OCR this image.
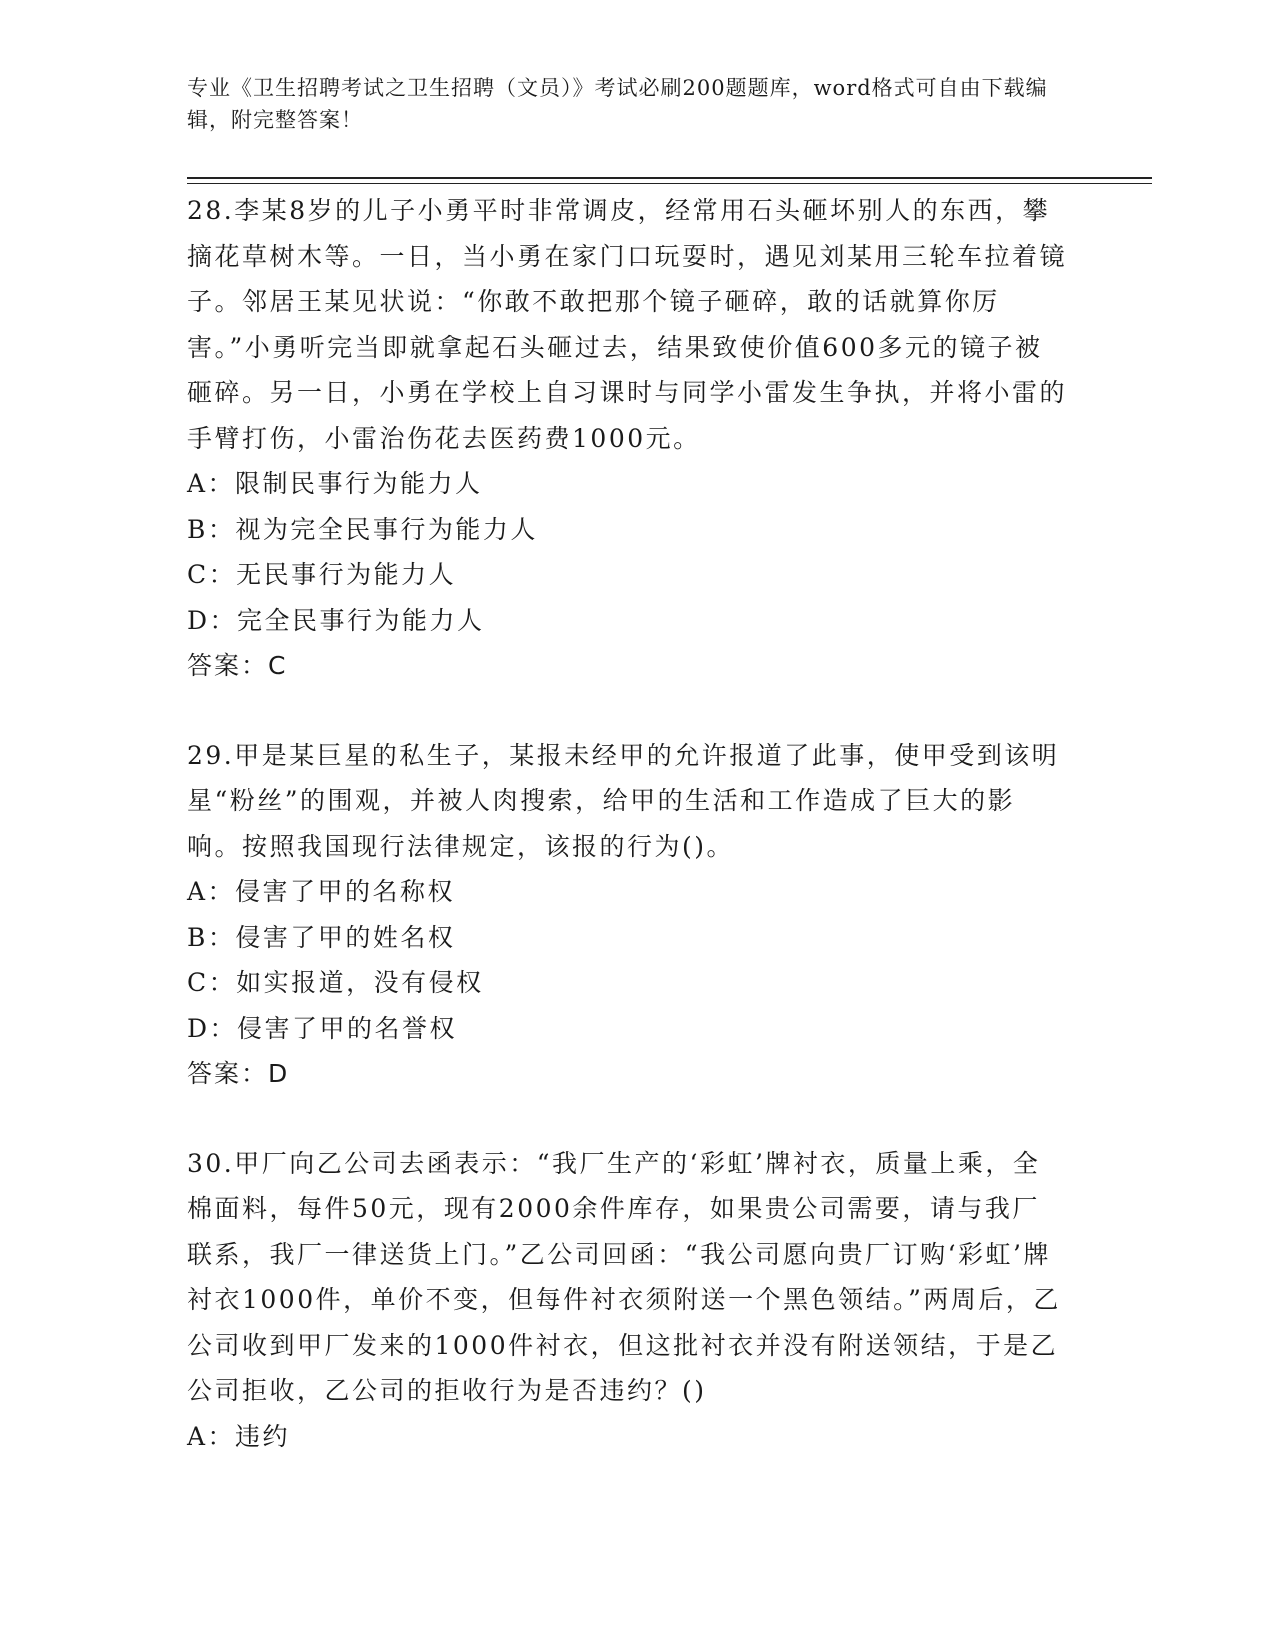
专业《卫生招聘考试之卫生招聘（文员）》考试必刷200题题库，word格式可自由下载编辑，附完整答案！

28.李某8岁的儿子小勇平时非常调皮，经常用石头砸坏别人的东西，攀摘花草树木等。一日，当小勇在家门口玩耍时，遇见刘某用三轮车拉着镜子。邻居王某见状说：“你敢不敢把那个镜子砸碎，敢的话就算你厉害。”小勇听完当即就拿起石头砸过去，结果致使价值600多元的镜子被砸碎。另一日，小勇在学校上自习课时与同学小雷发生争执，并将小雷的手臂打伤，小雷治伤花去医药费1000元。

A：限制民事行为能力人

B：视为完全民事行为能力人

C：无民事行为能力人

D：完全民事行为能力人

答案：C

29.甲是某巨星的私生子，某报未经甲的允许报道了此事，使甲受到该明星“粉丝”的围观，并被人肉搜索，给甲的生活和工作造成了巨大的影响。按照我国现行法律规定，该报的行为()。

A：侵害了甲的名称权

B：侵害了甲的姓名权

C：如实报道，没有侵权

D：侵害了甲的名誉权

答案：D

30.甲厂向乙公司去函表示：“我厂生产的‘彩虹’牌衬衣，质量上乘，全棉面料，每件50元，现有2000余件库存，如果贵公司需要，请与我厂联系，我厂一律送货上门。”乙公司回函：“我公司愿向贵厂订购‘彩虹’牌衬衣1000件，单价不变，但每件衬衣须附送一个黑色领结。”两周后，乙公司收到甲厂发来的1000件衬衣，但这批衬衣并没有附送领结，于是乙公司拒收，乙公司的拒收行为是否违约？()

A：违约
